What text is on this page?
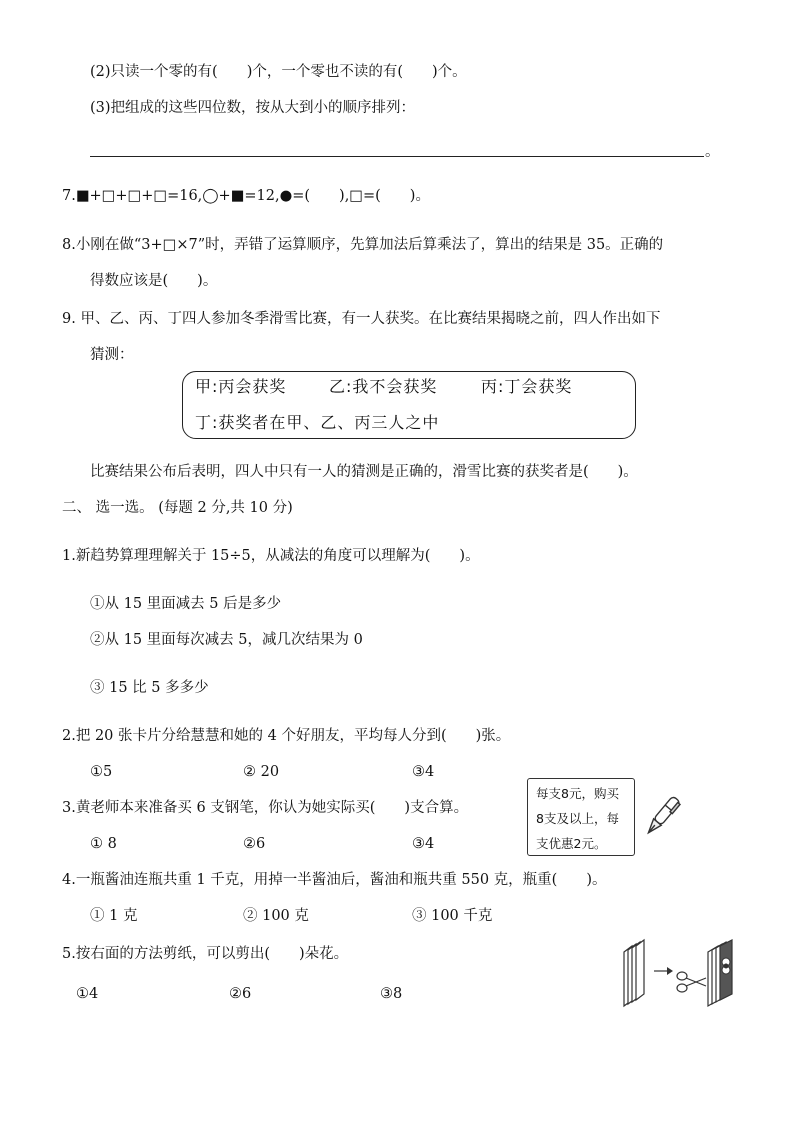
(2)只读一个零的有(　　)个，一个零也不读的有(　　)个。
(3)把组成的这些四位数，按从大到小的顺序排列：
。
7.■+□+□+□=16,◯+■=12,●=(　　),□=(　　)。
8.小刚在做“3+□×7”时，弄错了运算顺序，先算加法后算乘法了，算出的结果是 35。正确的
得数应该是(　　)。
9. 甲、乙、丙、丁四人参加冬季滑雪比赛，有一人获奖。在比赛结果揭晓之前，四人作出如下
猜测：
甲:丙会获奖	乙:我不会获奖	丙:丁会获奖
丁:获奖者在甲、乙、丙三人之中
比赛结果公布后表明，四人中只有一人的猜测是正确的，滑雪比赛的获奖者是(　　)。
二、 选一选。 (每题 2 分,共 10 分)
1.新趋势算理理解关于 15÷5，从减法的角度可以理解为(　　)。
①从 15 里面减去 5 后是多少
②从 15 里面每次减去 5，减几次结果为 0
③ 15 比 5 多多少
2.把 20 张卡片分给慧慧和她的 4 个好朋友，平均每人分到(　　)张。
①5	② 20	③4
3.黄老师本来准备买 6 支钢笔，你认为她实际买(　　)支合算。
① 8	②6	③4
每支8元，购买
8支及以上，每
支优惠2元。
4.一瓶酱油连瓶共重 1 千克，用掉一半酱油后，酱油和瓶共重 550 克，瓶重(　　)。
① 1 克	② 100 克	③ 100 千克
5.按右面的方法剪纸，可以剪出(　　)朵花。
①4	②6	③8
